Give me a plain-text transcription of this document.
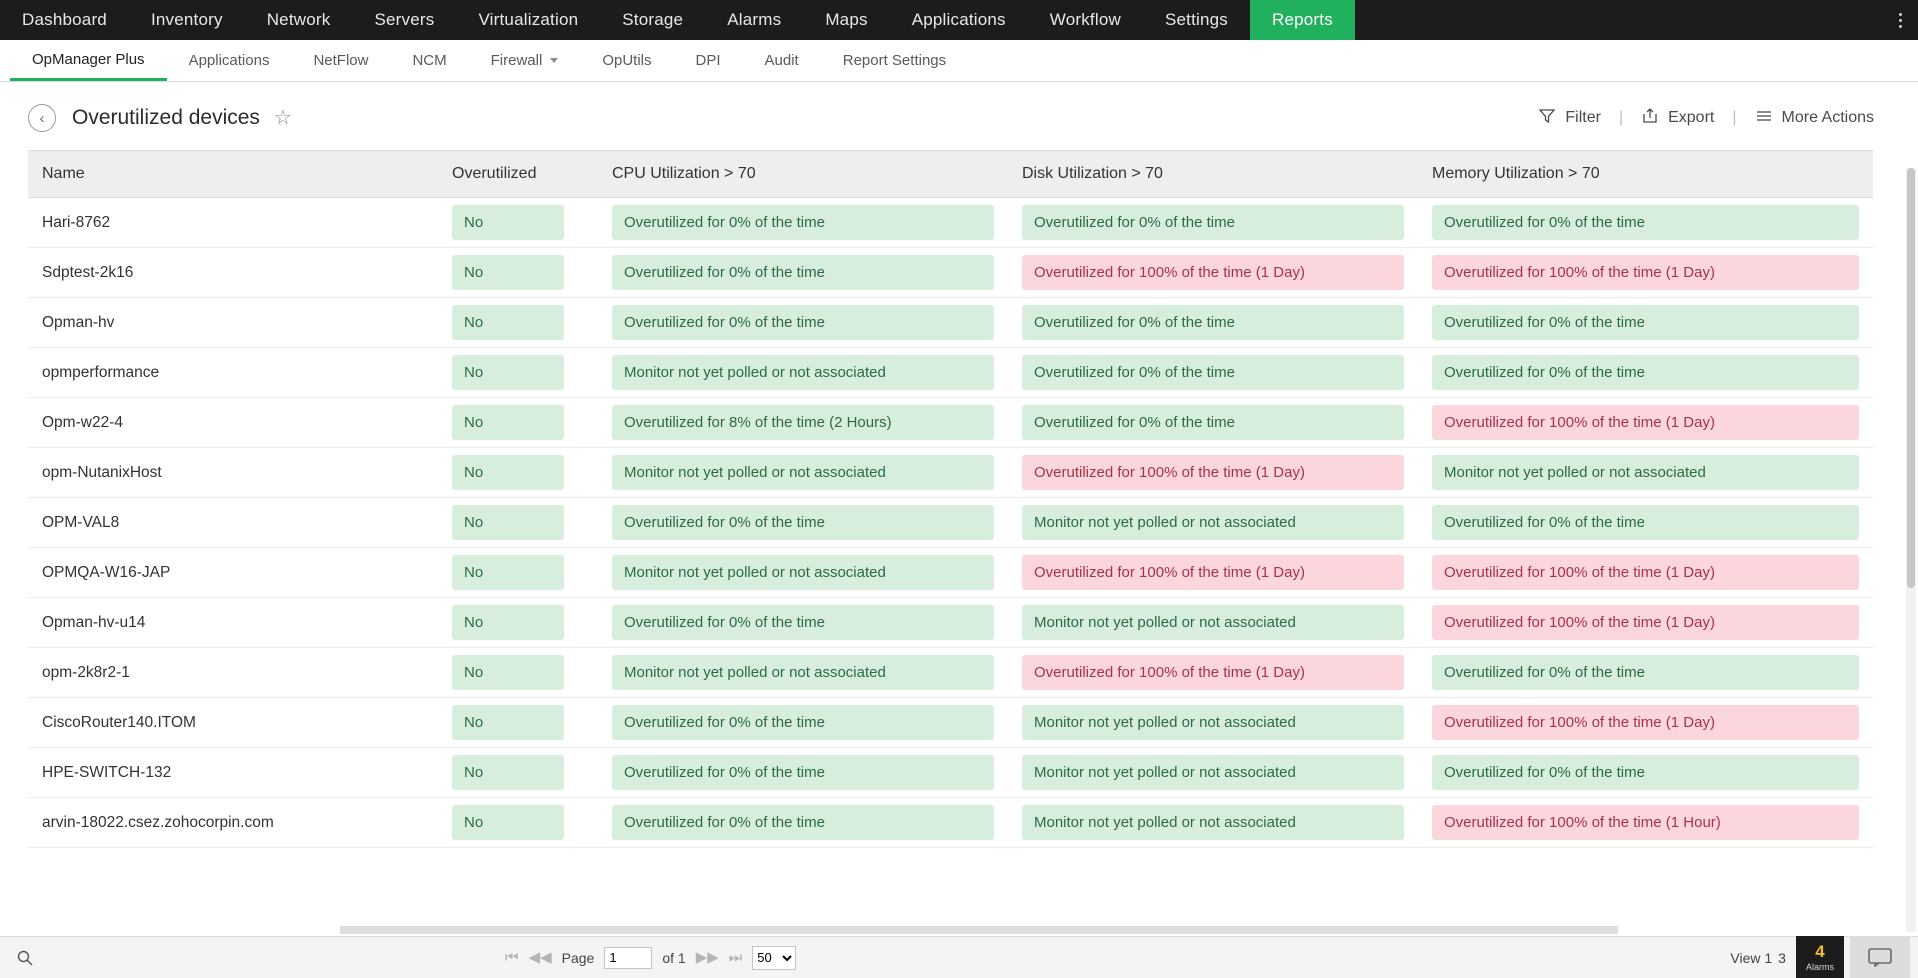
Dashboard	Inventory	Network	Servers	Virtualization	Storage	Alarms	Maps	Applications	Workflow	Settings	Reports
OpManager Plus	Applications	NetFlow	NCM	Firewall	OpUtils	DPI	Audit	Report Settings
‹	Overutilized devices ☆	Filter |	Export |	More Actions
Name	Overutilized	CPU Utilization > 70	Disk Utilization > 70	Memory Utilization > 70
Hari-8762	No	Overutilized for 0% of the time	Overutilized for 0% of the time	Overutilized for 0% of the time

Sdptest-2k16	No	Overutilized for 0% of the time	Overutilized for 100% of the time (1 Day)	Overutilized for 100% of the time (1 Day)

Opman-hv	No	Overutilized for 0% of the time	Overutilized for 0% of the time	Overutilized for 0% of the time

opmperformance	No	Monitor not yet polled or not associated	Overutilized for 0% of the time	Overutilized for 0% of the time

Opm-w22-4	No	Overutilized for 8% of the time (2 Hours)	Overutilized for 0% of the time	Overutilized for 100% of the time (1 Day)

opm-NutanixHost	No	Monitor not yet polled or not associated	Overutilized for 100% of the time (1 Day)	Monitor not yet polled or not associated

OPM-VAL8	No	Overutilized for 0% of the time	Monitor not yet polled or not associated	Overutilized for 0% of the time

OPMQA-W16-JAP	No	Monitor not yet polled or not associated	Overutilized for 100% of the time (1 Day)	Overutilized for 100% of the time (1 Day)

Opman-hv-u14	No	Overutilized for 0% of the time	Monitor not yet polled or not associated	Overutilized for 100% of the time (1 Day)

opm-2k8r2-1	No	Monitor not yet polled or not associated	Overutilized for 100% of the time (1 Day)	Overutilized for 0% of the time

CiscoRouter140.ITOM	No	Overutilized for 0% of the time	Monitor not yet polled or not associated	Overutilized for 100% of the time (1 Day)

HPE-SWITCH-132	No	Overutilized for 0% of the time	Monitor not yet polled or not associated	Overutilized for 0% of the time

arvin-18022.csez.zohocorpin.com	No	Overutilized for 0% of the time	Monitor not yet polled or not associated	Overutilized for 100% of the time (1 Hour)
⏮ ◀◀ Page
1	of 1 ▶▶ ⏭
50	View 1 3 4
Alarms
